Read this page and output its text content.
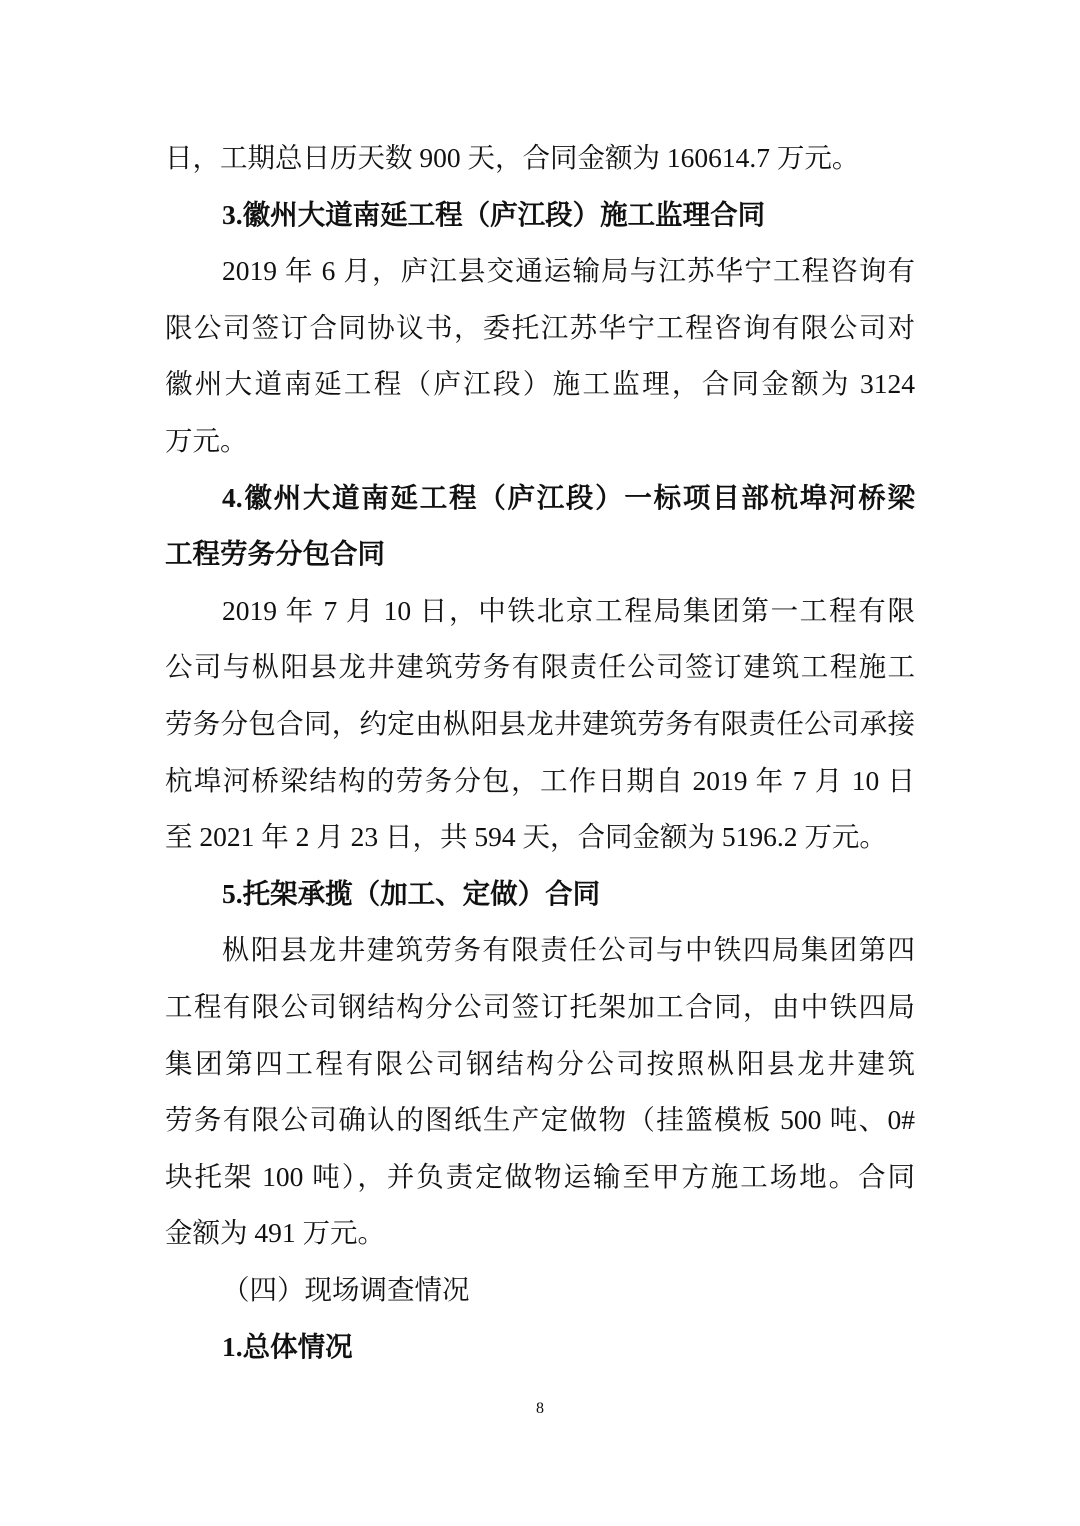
8
日，工期总日历天数 900 天，合同金额为 160614.7 万元。
3.徽州大道南延工程（庐江段）施工监理合同
2019 年 6 月，庐江县交通运输局与江苏华宁工程咨询有
限公司签订合同协议书，委托江苏华宁工程咨询有限公司对
徽州大道南延工程（庐江段）施工监理，合同金额为 3124
万元。
4.徽州大道南延工程（庐江段）一标项目部杭埠河桥梁
工程劳务分包合同
2019 年 7 月 10 日，中铁北京工程局集团第一工程有限
公司与枞阳县龙井建筑劳务有限责任公司签订建筑工程施工
劳务分包合同，约定由枞阳县龙井建筑劳务有限责任公司承接
杭埠河桥梁结构的劳务分包，工作日期自 2019 年 7 月 10 日
至 2021 年 2 月 23 日，共 594 天，合同金额为 5196.2 万元。
5.托架承揽（加工、定做）合同
枞阳县龙井建筑劳务有限责任公司与中铁四局集团第四
工程有限公司钢结构分公司签订托架加工合同，由中铁四局
集团第四工程有限公司钢结构分公司按照枞阳县龙井建筑
劳务有限公司确认的图纸生产定做物（挂篮模板 500 吨、0#
块托架 100 吨），并负责定做物运输至甲方施工场地。合同
金额为 491 万元。
（四）现场调查情况
1.总体情况
